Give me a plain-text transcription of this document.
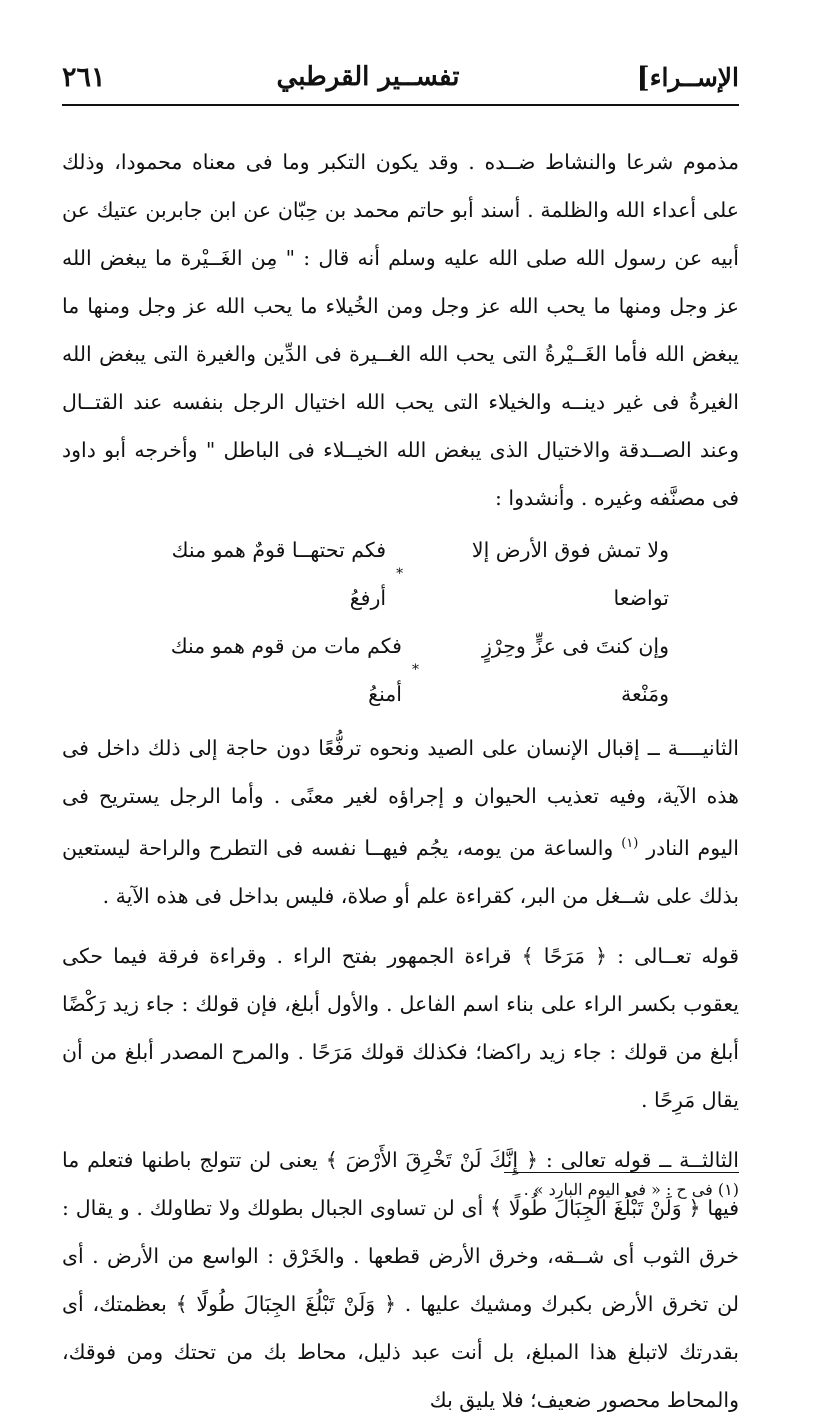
الإســراء
]
تفســير القرطبي
٢٦١

مذموم شرعا والنشاط ضــده . وقد يكون التكبر وما فى معناه محمودا، وذلك على أعداء الله والظلمة . أسند أبو حاتم محمد بن حِبّان عن ابن جابربن عتيك عن أبيه عن رسول الله صلى الله عليه وسلم أنه قال : " مِن الغَــيْرة ما يبغض الله عز وجل ومنها ما يحب الله عز وجل ومن الخُيلاء ما يحب الله عز وجل ومنها ما يبغض الله فأما الغَــيْرةُ التى يحب الله الغــيرة فى الدِّين والغيرة التى يبغض الله الغيرةُ فى غير دينــه والخيلاء التى يحب الله اختيال الرجل بنفسه عند القتــال وعند الصــدقة والاختيال الذى يبغض الله الخيــلاء فى الباطل " وأخرجه أبو داود فى مصنَّفه وغيره . وأنشدوا :

ولا تمش فوق الأرض إلا تواضعا
*
فكم تحتهــا قومٌ همو منك أرفعُ
وإن كنتَ فى عزٍّ وحِرْزٍ ومَنْعة
*
فكم مات من قوم همو منك أمنعُ

الثانيــــة ــ إقبال الإنسان على الصيد ونحوه ترفُّعًا دون حاجة إلى ذلك داخل فى هذه الآية، وفيه تعذيب الحيوان و إجراؤه لغير معنًى . وأما الرجل يستريح فى اليوم النادر $^{(١)}$ والساعة من يومه، يجُم فيهــا نفسه فى التطرح والراحة ليستعين بذلك على شــغل من البر، كقراءة علم أو صلاة، فليس بداخل فى هذه الآية .

قوله تعــالى : ﴿ مَرَحًا ﴾ قراءة الجمهور بفتح الراء . وقراءة فرقة فيما حكى يعقوب بكسر الراء على بناء اسم الفاعل . والأول أبلغ، فإن قولك : جاء زيد رَكْضًا أبلغ من قولك : جاء زيد راكضا؛ فكذلك قولك مَرَحًا . والمرح المصدر أبلغ من أن يقال مَرِحًا .

الثالثــة ــ قوله تعالى : ﴿ إِنَّكَ لَنْ تَخْرِقَ الأَرْضَ ﴾ يعنى لن تتولج باطنها فتعلم ما فيها ﴿ وَلَنْ تَبْلُغَ الجِبَالَ طُولًا ﴾ أى لن تساوى الجبال بطولك ولا تطاولك . و يقال : خرق الثوب أى شــقه، وخرق الأرض قطعها . والخَرْق : الواسع من الأرض . أى لن تخرق الأرض بكبرك ومشيك عليها . ﴿ وَلَنْ تَبْلُغَ الجِبَالَ طُولًا ﴾ بعظمتك، أى بقدرتك لاتبلغ هذا المبلغ، بل أنت عبد ذليل، محاط بك من تحتك ومن فوقك، والمحاط محصور ضعيف؛ فلا يليق بك

(١) فى ح : « فى اليوم البارد » .
